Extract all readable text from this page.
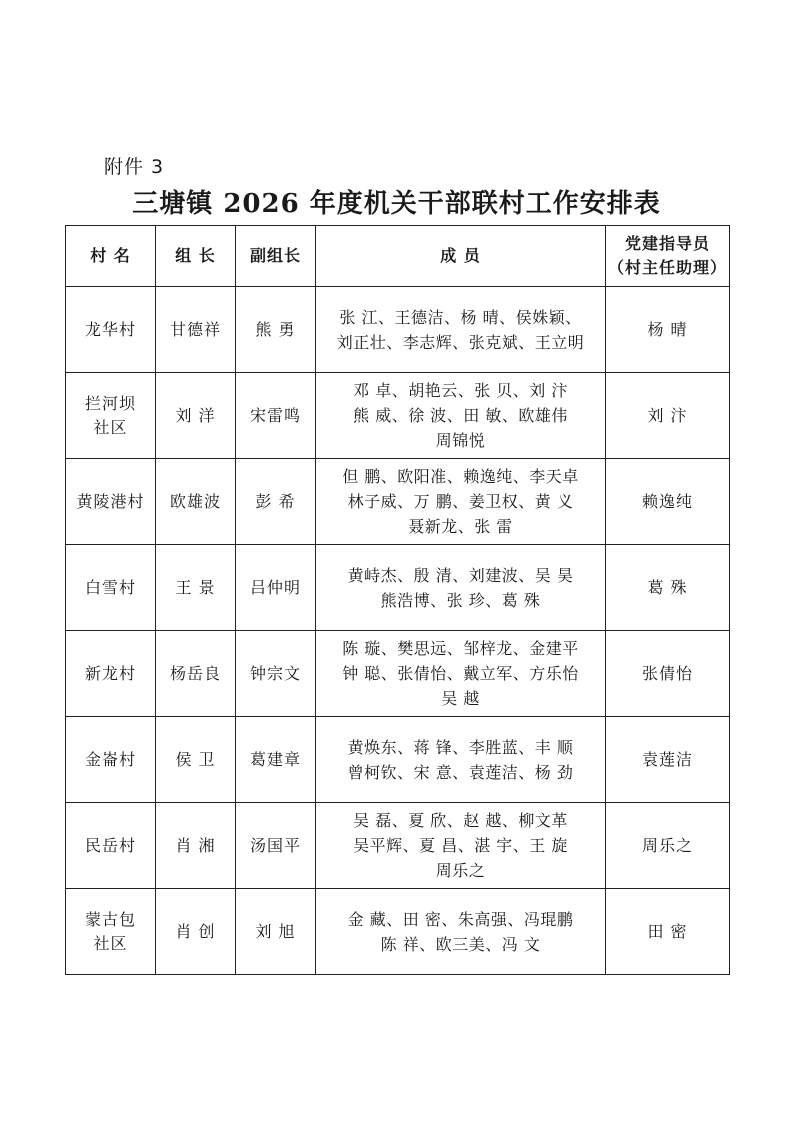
附件 3
三塘镇 2026 年度机关干部联村工作安排表
村 名	组 长	副组长	成 员	党建指导员
（村主任助理）

龙华村	甘德祥	熊 勇	张 江、王德洁、杨 晴、侯姝颖、
刘正壮、李志辉、张克斌、王立明	杨 晴

拦河坝
社区	刘 洋	宋雷鸣	邓 卓、胡艳云、张 贝、刘 汴
熊 威、徐 波、田 敏、欧雄伟
周锦悦	刘 汴

黄陵港村	欧雄波	彭 希	但 鹏、欧阳准、赖逸纯、李天卓
林子威、万 鹏、姜卫权、黄 义
聂新龙、张 雷	赖逸纯

白雪村	王 景	吕仲明	黄峙杰、殷 清、刘建波、吴 昊
熊浩博、张 珍、葛 殊	葛 殊

新龙村	杨岳良	钟宗文	陈 璇、樊思远、邹梓龙、金建平
钟 聪、张倩怡、戴立军、方乐怡
吴 越	张倩怡

金崙村	侯 卫	葛建章	黄焕东、蒋 锋、李胜蓝、丰 顺
曾柯钦、宋 意、袁莲洁、杨 劲	袁莲洁

民岳村	肖 湘	汤国平	吴 磊、夏 欣、赵 越、柳文革
吴平辉、夏 昌、湛 宇、王 旋
周乐之	周乐之

蒙古包
社区	肖 创	刘 旭	金 藏、田 密、朱高强、冯琨鹏
陈 祥、欧三美、冯 文	田 密
